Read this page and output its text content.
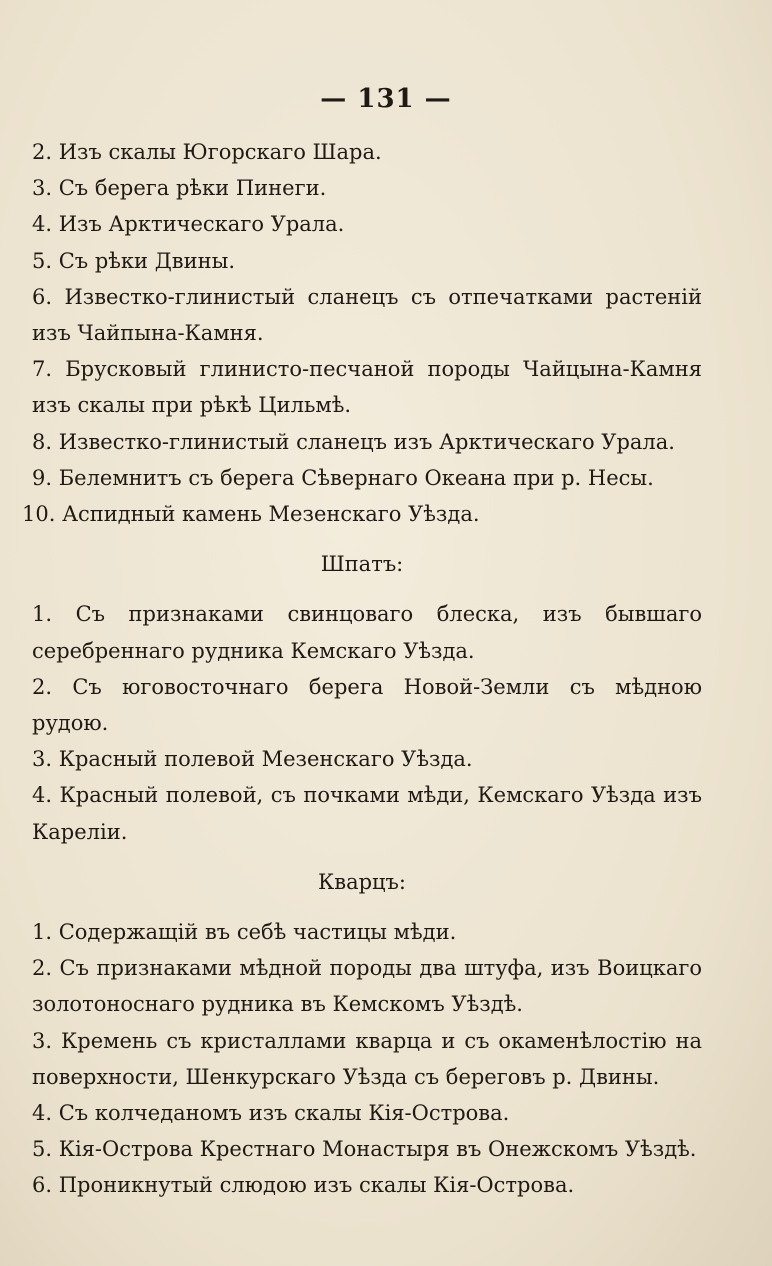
— 131 —
2. Изъ скалы Югорскаго Шара.
3. Съ берега рѣки Пинеги.
4. Изъ Арктическаго Урала.
5. Съ рѣки Двины.
6. Известко-глинистый сланецъ съ отпечатками растенiй изъ Чайпына-Камня.
7. Брусковый глинисто-песчаной породы Чайцына-Камня изъ скалы при рѣкѣ Цильмѣ.
8. Известко-глинистый сланецъ изъ Арктическаго Урала.
9. Белемнитъ съ берега Сѣвернаго Океана при р. Несы.
10. Аспидный камень Мезенскаго Уѣзда.
Шпатъ:
1. Съ признаками свинцоваго блеска, изъ бывшаго серебреннаго рудника Кемскаго Уѣзда.
2. Съ юговосточнаго берега Новой-Земли съ мѣдною рудою.
3. Красный полевой Мезенскаго Уѣзда.
4. Красный полевой, съ почками мѣди, Кемскаго Уѣзда изъ Карелiи.
Кварцъ:
1. Содержащiй въ себѣ частицы мѣди.
2. Съ признаками мѣдной породы два штуфа, изъ Воицкаго золотоноснаго рудника въ Кемскомъ Уѣздѣ.
3. Кремень съ кристаллами кварца и съ окаменѣлостiю на поверхности, Шенкурскаго Уѣзда съ береговъ р. Двины.
4. Съ колчеданомъ изъ скалы Кiя-Острова.
5. Кiя-Острова Крестнаго Монастыря въ Онежскомъ Уѣздѣ.
6. Проникнутый слюдою изъ скалы Кiя-Острова.
